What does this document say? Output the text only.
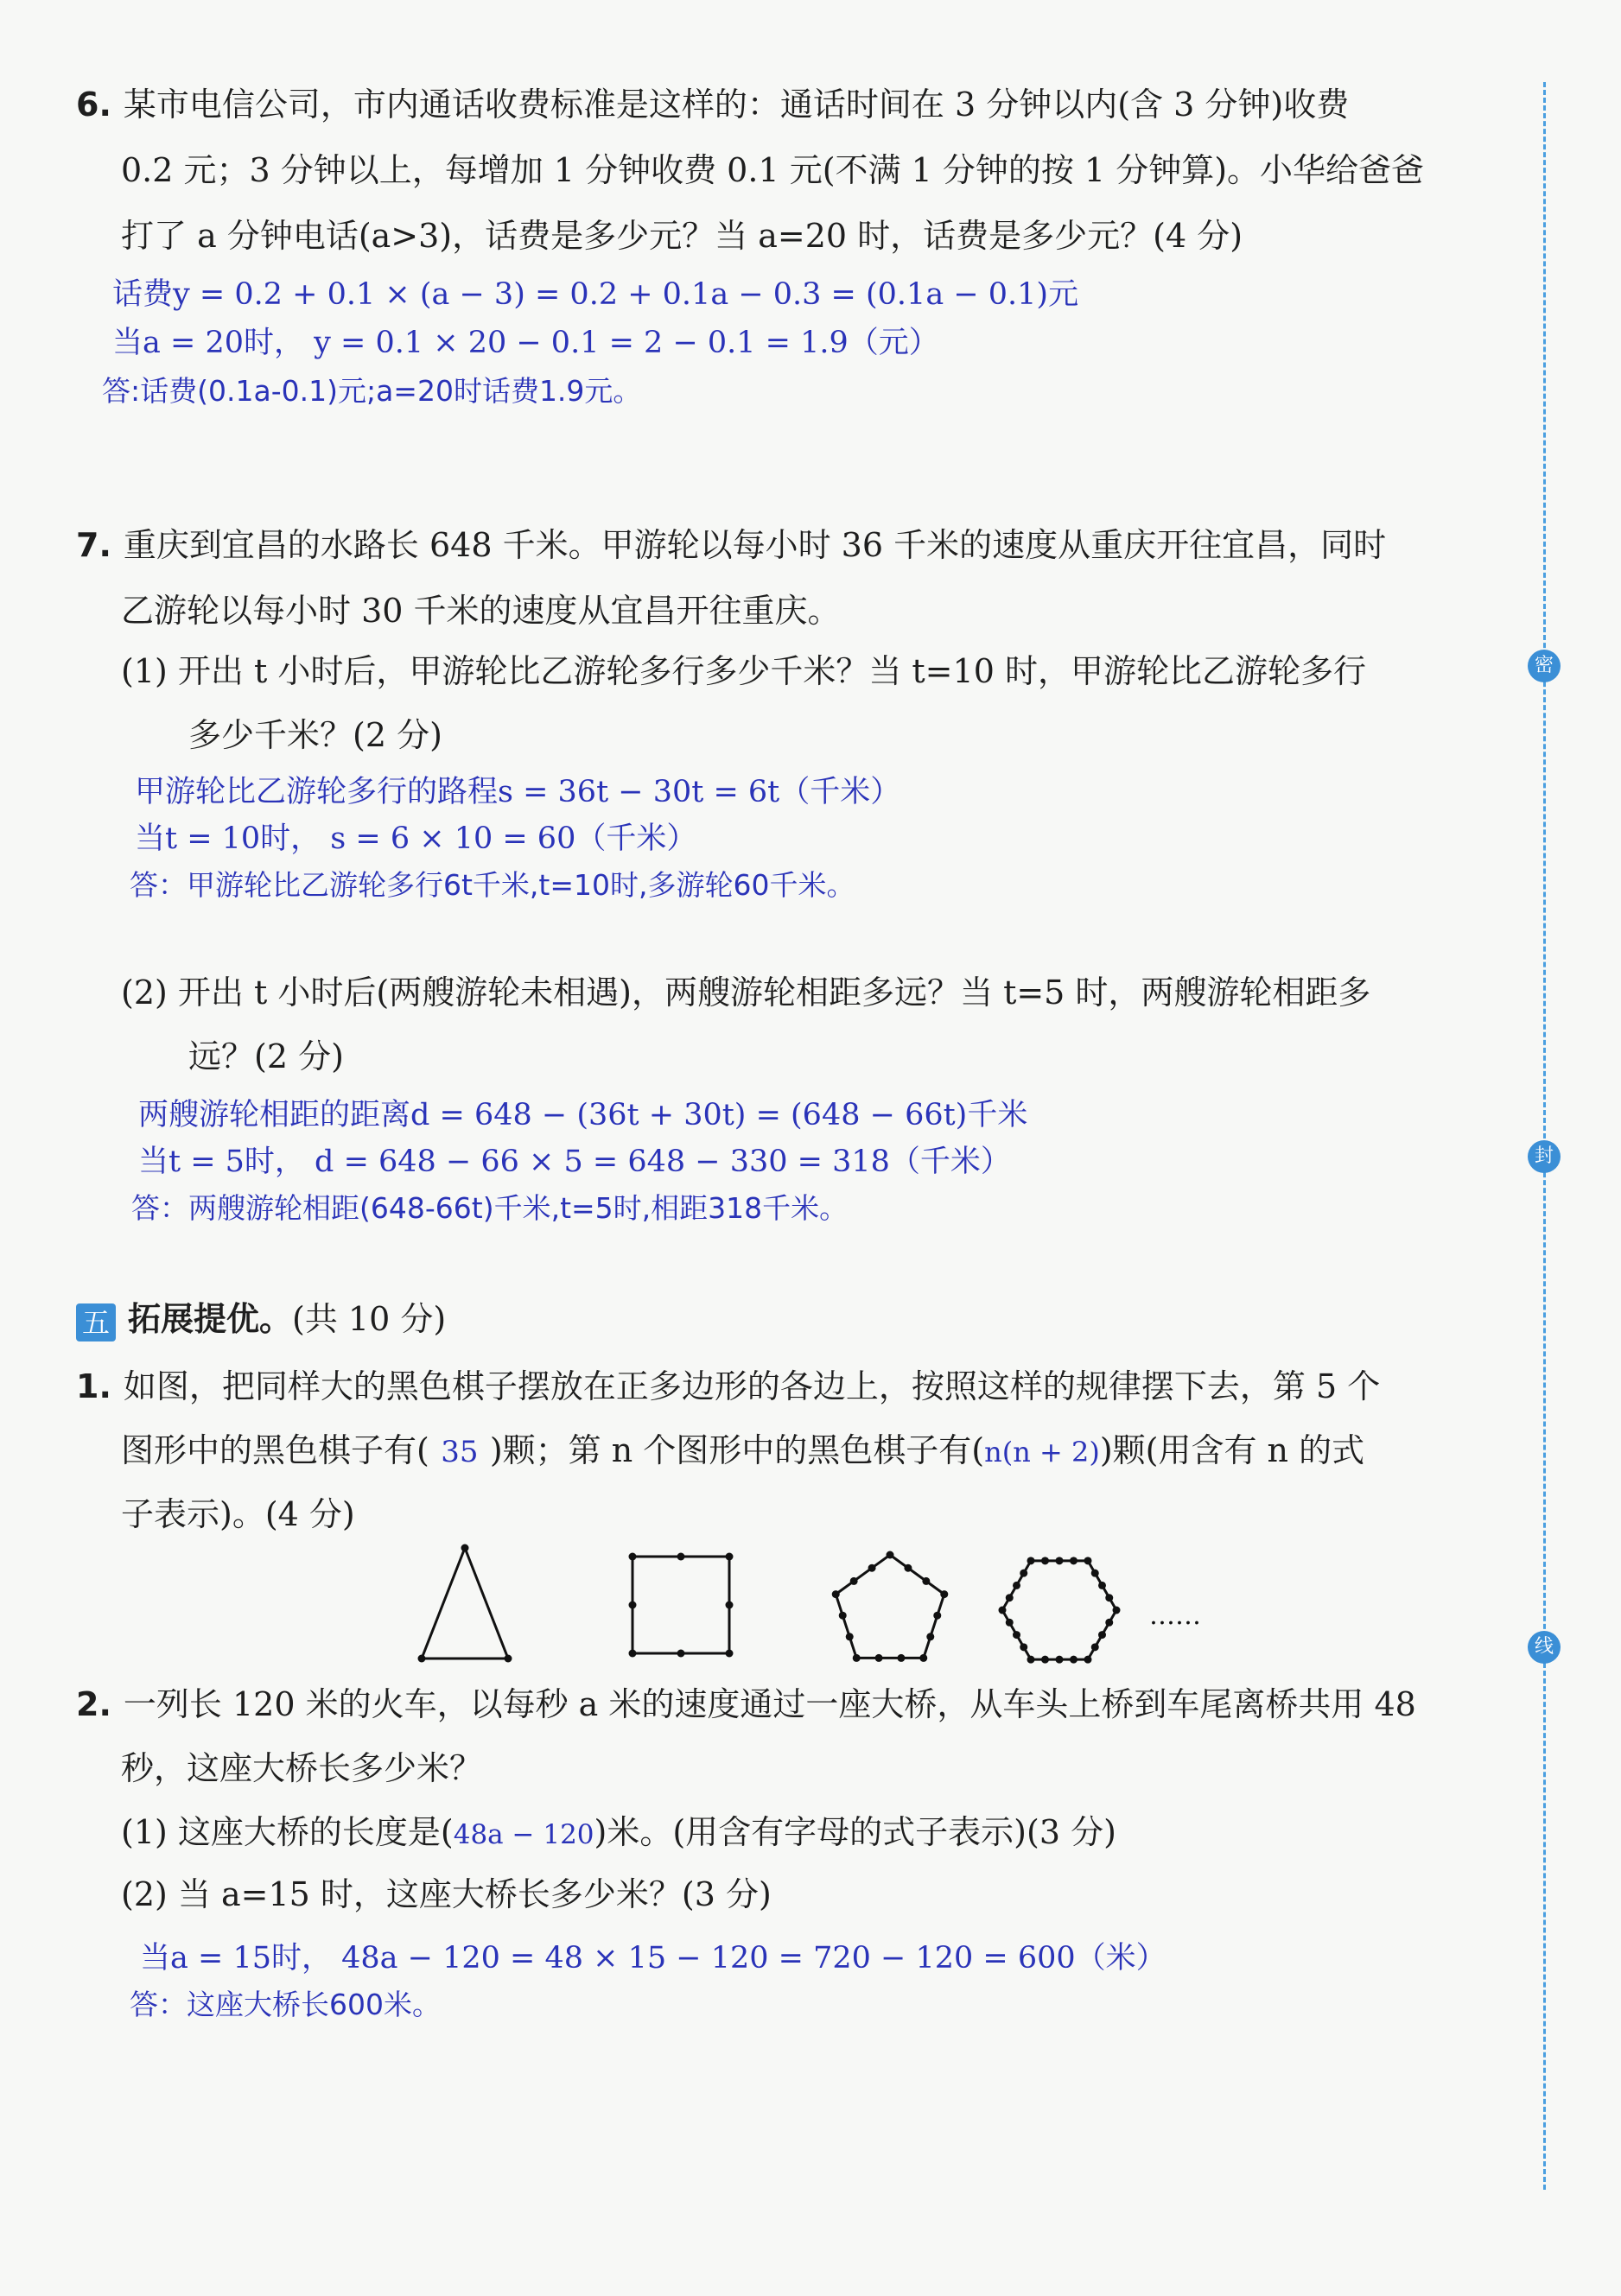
6. 某市电信公司，市内通话收费标准是这样的：通话时间在 3 分钟以内(含 3 分钟)收费
0.2 元；3 分钟以上，每增加 1 分钟收费 0.1 元(不满 1 分钟的按 1 分钟算)。小华给爸爸
打了 a 分钟电话(a>3)，话费是多少元？当 a=20 时，话费是多少元？(4 分)
话费y = 0.2 + 0.1 × (a − 3) = 0.2 + 0.1a − 0.3 = (0.1a − 0.1)元
当a = 20时， y = 0.1 × 20 − 0.1 = 2 − 0.1 = 1.9（元）
答:话费(0.1a-0.1)元;a=20时话费1.9元。
7. 重庆到宜昌的水路长 648 千米。甲游轮以每小时 36 千米的速度从重庆开往宜昌，同时
乙游轮以每小时 30 千米的速度从宜昌开往重庆。
(1) 开出 t 小时后，甲游轮比乙游轮多行多少千米？当 t=10 时，甲游轮比乙游轮多行
多少千米？(2 分)
甲游轮比乙游轮多行的路程s = 36t − 30t = 6t（千米）
当t = 10时， s = 6 × 10 = 60（千米）
答：甲游轮比乙游轮多行6t千米,t=10时,多游轮60千米。
(2) 开出 t 小时后(两艘游轮未相遇)，两艘游轮相距多远？当 t=5 时，两艘游轮相距多
远？(2 分)
两艘游轮相距的距离d = 648 − (36t + 30t) = (648 − 66t)千米
当t = 5时， d = 648 − 66 × 5 = 648 − 330 = 318（千米）
答：两艘游轮相距(648-66t)千米,t=5时,相距318千米。
五 拓展提优。(共 10 分)
1. 如图，把同样大的黑色棋子摆放在正多边形的各边上，按照这样的规律摆下去，第 5 个
图形中的黑色棋子有( 35 )颗；第 n 个图形中的黑色棋子有(n(n + 2))颗(用含有 n 的式
子表示)。(4 分)
……
2. 一列长 120 米的火车，以每秒 a 米的速度通过一座大桥，从车头上桥到车尾离桥共用 48
秒，这座大桥长多少米？
(1) 这座大桥的长度是(48a − 120)米。(用含有字母的式子表示)(3 分)
(2) 当 a=15 时，这座大桥长多少米？(3 分)
当a = 15时， 48a − 120 = 48 × 15 − 120 = 720 − 120 = 600（米）
答：这座大桥长600米。
密
封
线
